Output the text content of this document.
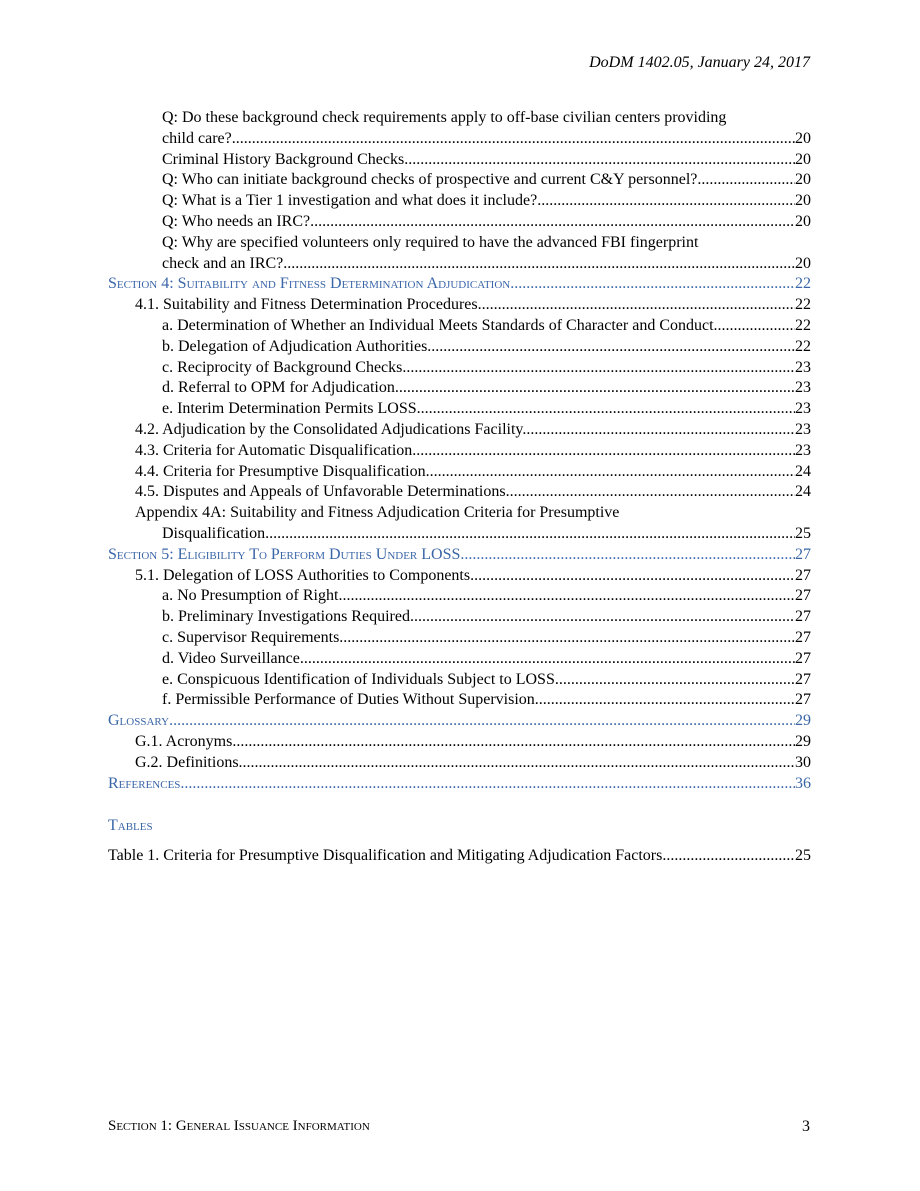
DoDM 1402.05, January 24, 2017
Q: Do these background check requirements apply to off-base civilian centers providing
child care? .....	20
Criminal History Background Checks. .....	20
Q: Who can initiate background checks of prospective and current C&Y personnel? .....	20
Q: What is a Tier 1 investigation and what does it include? .....	20
Q: Who needs an IRC? .....	20
Q: Why are specified volunteers only required to have the advanced FBI fingerprint
check and an IRC? .....	20
Section 4: Suitability and Fitness Determination Adjudication .....	22
4.1. Suitability and Fitness Determination Procedures. .....	22
a. Determination of Whether an Individual Meets Standards of Character and Conduct. .....	22
b. Delegation of Adjudication Authorities. .....	22
c. Reciprocity of Background Checks. .....	23
d. Referral to OPM for Adjudication. .....	23
e. Interim Determination Permits LOSS. .....	23
4.2. Adjudication by the Consolidated Adjudications Facility. .....	23
4.3. Criteria for Automatic Disqualification. .....	23
4.4. Criteria for Presumptive Disqualification. .....	24
4.5. Disputes and Appeals of Unfavorable Determinations. .....	24
Appendix 4A: Suitability and Fitness Adjudication Criteria for Presumptive
Disqualification. .....	25
Section 5: Eligibility To Perform Duties Under LOSS .....	27
5.1. Delegation of LOSS Authorities to Components. .....	27
a. No Presumption of Right. .....	27
b. Preliminary Investigations Required. .....	27
c. Supervisor Requirements. .....	27
d. Video Surveillance. .....	27
e. Conspicuous Identification of Individuals Subject to LOSS. .....	27
f. Permissible Performance of Duties Without Supervision. .....	27
Glossary .....	29
G.1. Acronyms. .....	29
G.2. Definitions. .....	30
References .....	36
Tables
Table 1. Criteria for Presumptive Disqualification and Mitigating Adjudication Factors. .....	25
Section 1: General Issuance Information	3
